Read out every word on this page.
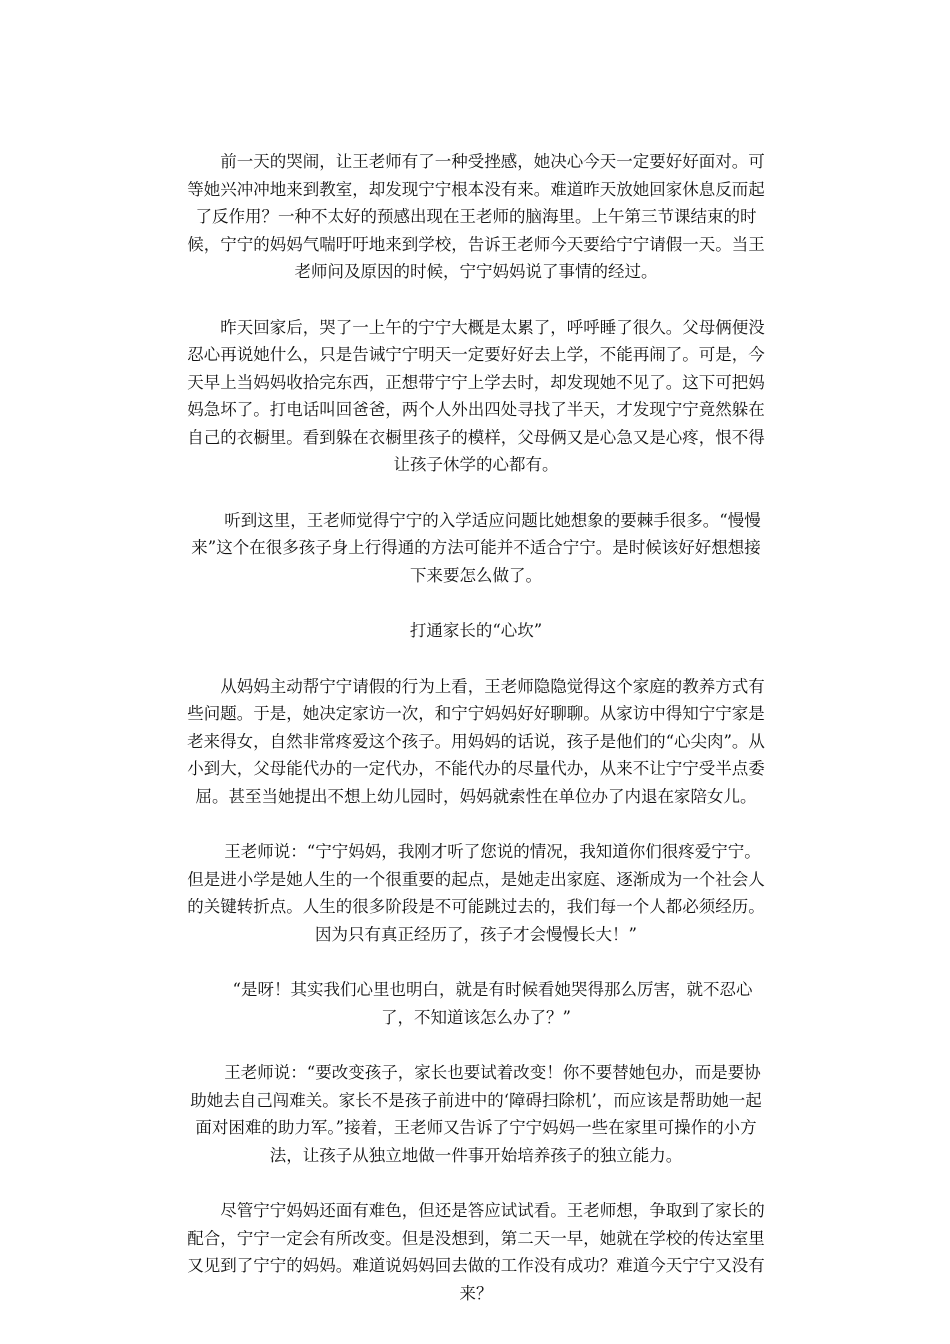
前一天的哭闹，让王老师有了一种受挫感，她决心今天一定要好好面对。可等她兴冲冲地来到教室，却发现宁宁根本没有来。难道昨天放她回家休息反而起了反作用？一种不太好的预感出现在王老师的脑海里。上午第三节课结束的时候，宁宁的妈妈气喘吁吁地来到学校，告诉王老师今天要给宁宁请假一天。当王老师问及原因的时候，宁宁妈妈说了事情的经过。

昨天回家后，哭了一上午的宁宁大概是太累了，呼呼睡了很久。父母俩便没忍心再说她什么，只是告诫宁宁明天一定要好好去上学，不能再闹了。可是，今天早上当妈妈收拾完东西，正想带宁宁上学去时，却发现她不见了。这下可把妈妈急坏了。打电话叫回爸爸，两个人外出四处寻找了半天，才发现宁宁竟然躲在自己的衣橱里。看到躲在衣橱里孩子的模样，父母俩又是心急又是心疼，恨不得让孩子休学的心都有。

听到这里，王老师觉得宁宁的入学适应问题比她想象的要棘手很多。“慢慢来”这个在很多孩子身上行得通的方法可能并不适合宁宁。是时候该好好想想接下来要怎么做了。

打通家长的“心坎”

从妈妈主动帮宁宁请假的行为上看，王老师隐隐觉得这个家庭的教养方式有些问题。于是，她决定家访一次，和宁宁妈妈好好聊聊。从家访中得知宁宁家是老来得女，自然非常疼爱这个孩子。用妈妈的话说，孩子是他们的“心尖肉”。从小到大，父母能代办的一定代办，不能代办的尽量代办，从来不让宁宁受半点委屈。甚至当她提出不想上幼儿园时，妈妈就索性在单位办了内退在家陪女儿。

王老师说：“宁宁妈妈，我刚才听了您说的情况，我知道你们很疼爱宁宁。但是进小学是她人生的一个很重要的起点，是她走出家庭、逐渐成为一个社会人的关键转折点。人生的很多阶段是不可能跳过去的，我们每一个人都必须经历。因为只有真正经历了，孩子才会慢慢长大！”

“是呀！其实我们心里也明白，就是有时候看她哭得那么厉害，就不忍心了，不知道该怎么办了？”

王老师说：“要改变孩子，家长也要试着改变！你不要替她包办，而是要协助她去自己闯难关。家长不是孩子前进中的‘障碍扫除机’，而应该是帮助她一起面对困难的助力军。”接着，王老师又告诉了宁宁妈妈一些在家里可操作的小方法，让孩子从独立地做一件事开始培养孩子的独立能力。

尽管宁宁妈妈还面有难色，但还是答应试试看。王老师想，争取到了家长的配合，宁宁一定会有所改变。但是没想到，第二天一早，她就在学校的传达室里又见到了宁宁的妈妈。难道说妈妈回去做的工作没有成功？难道今天宁宁又没有来？
